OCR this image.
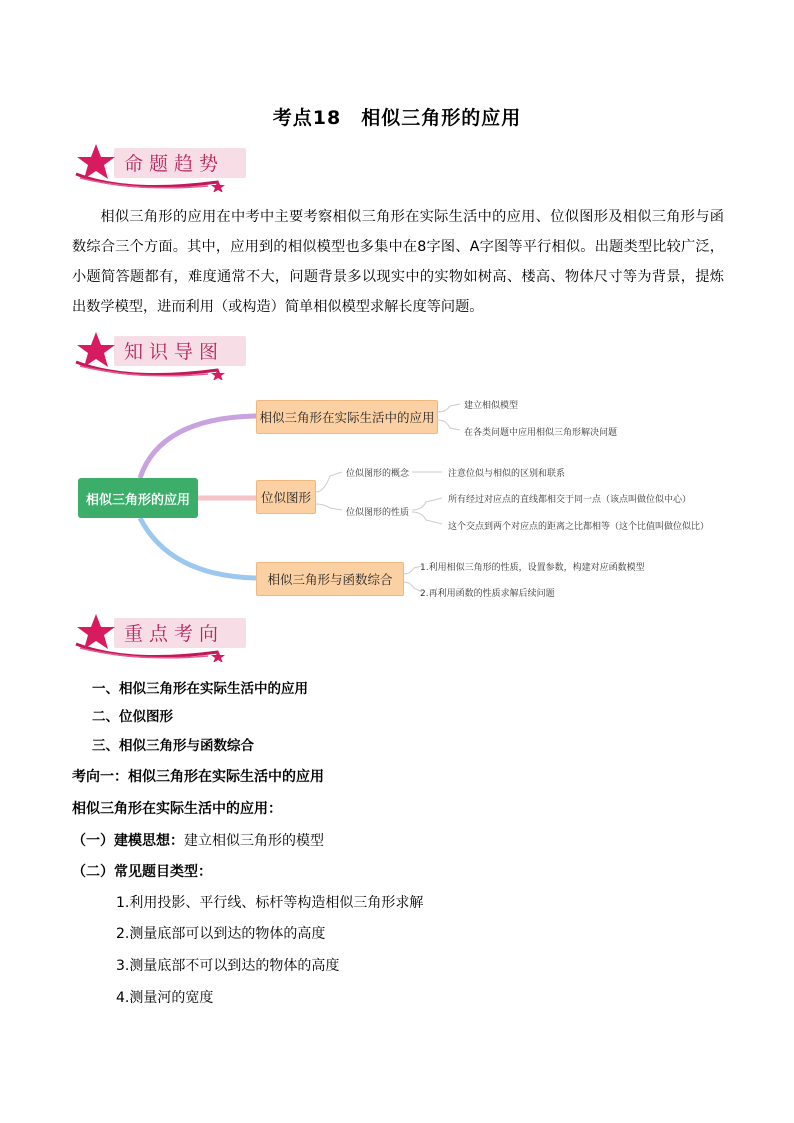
考点18　相似三角形的应用
命题趋势
相似三角形的应用在中考中主要考察相似三角形在实际生活中的应用、位似图形及相似三角形与函数综合三个方面。其中，应用到的相似模型也多集中在8字图、A字图等平行相似。出题类型比较广泛，小题简答题都有，难度通常不大，问题背景多以现实中的实物如树高、楼高、物体尺寸等为背景，提炼出数学模型，进而利用（或构造）简单相似模型求解长度等问题。
知识导图
相似三角形的应用
相似三角形在实际生活中的应用
位似图形
相似三角形与函数综合
建立相似模型
在各类问题中应用相似三角形解决问题
位似图形的概念	注意位似与相似的区别和联系
位似图形的性质
所有经过对应点的直线都相交于同一点（该点叫做位似中心）
这个交点到两个对应点的距离之比都相等（这个比值叫做位似比）
1.利用相似三角形的性质，设置参数，构建对应函数模型
2.再利用函数的性质求解后续问题
重点考向
一、相似三角形在实际生活中的应用
二、位似图形
三、相似三角形与函数综合
考向一：相似三角形在实际生活中的应用
相似三角形在实际生活中的应用：
（一）建模思想：建立相似三角形的模型
（二）常见题目类型：
1.利用投影、平行线、标杆等构造相似三角形求解
2.测量底部可以到达的物体的高度
3.测量底部不可以到达的物体的高度
4.测量河的宽度
